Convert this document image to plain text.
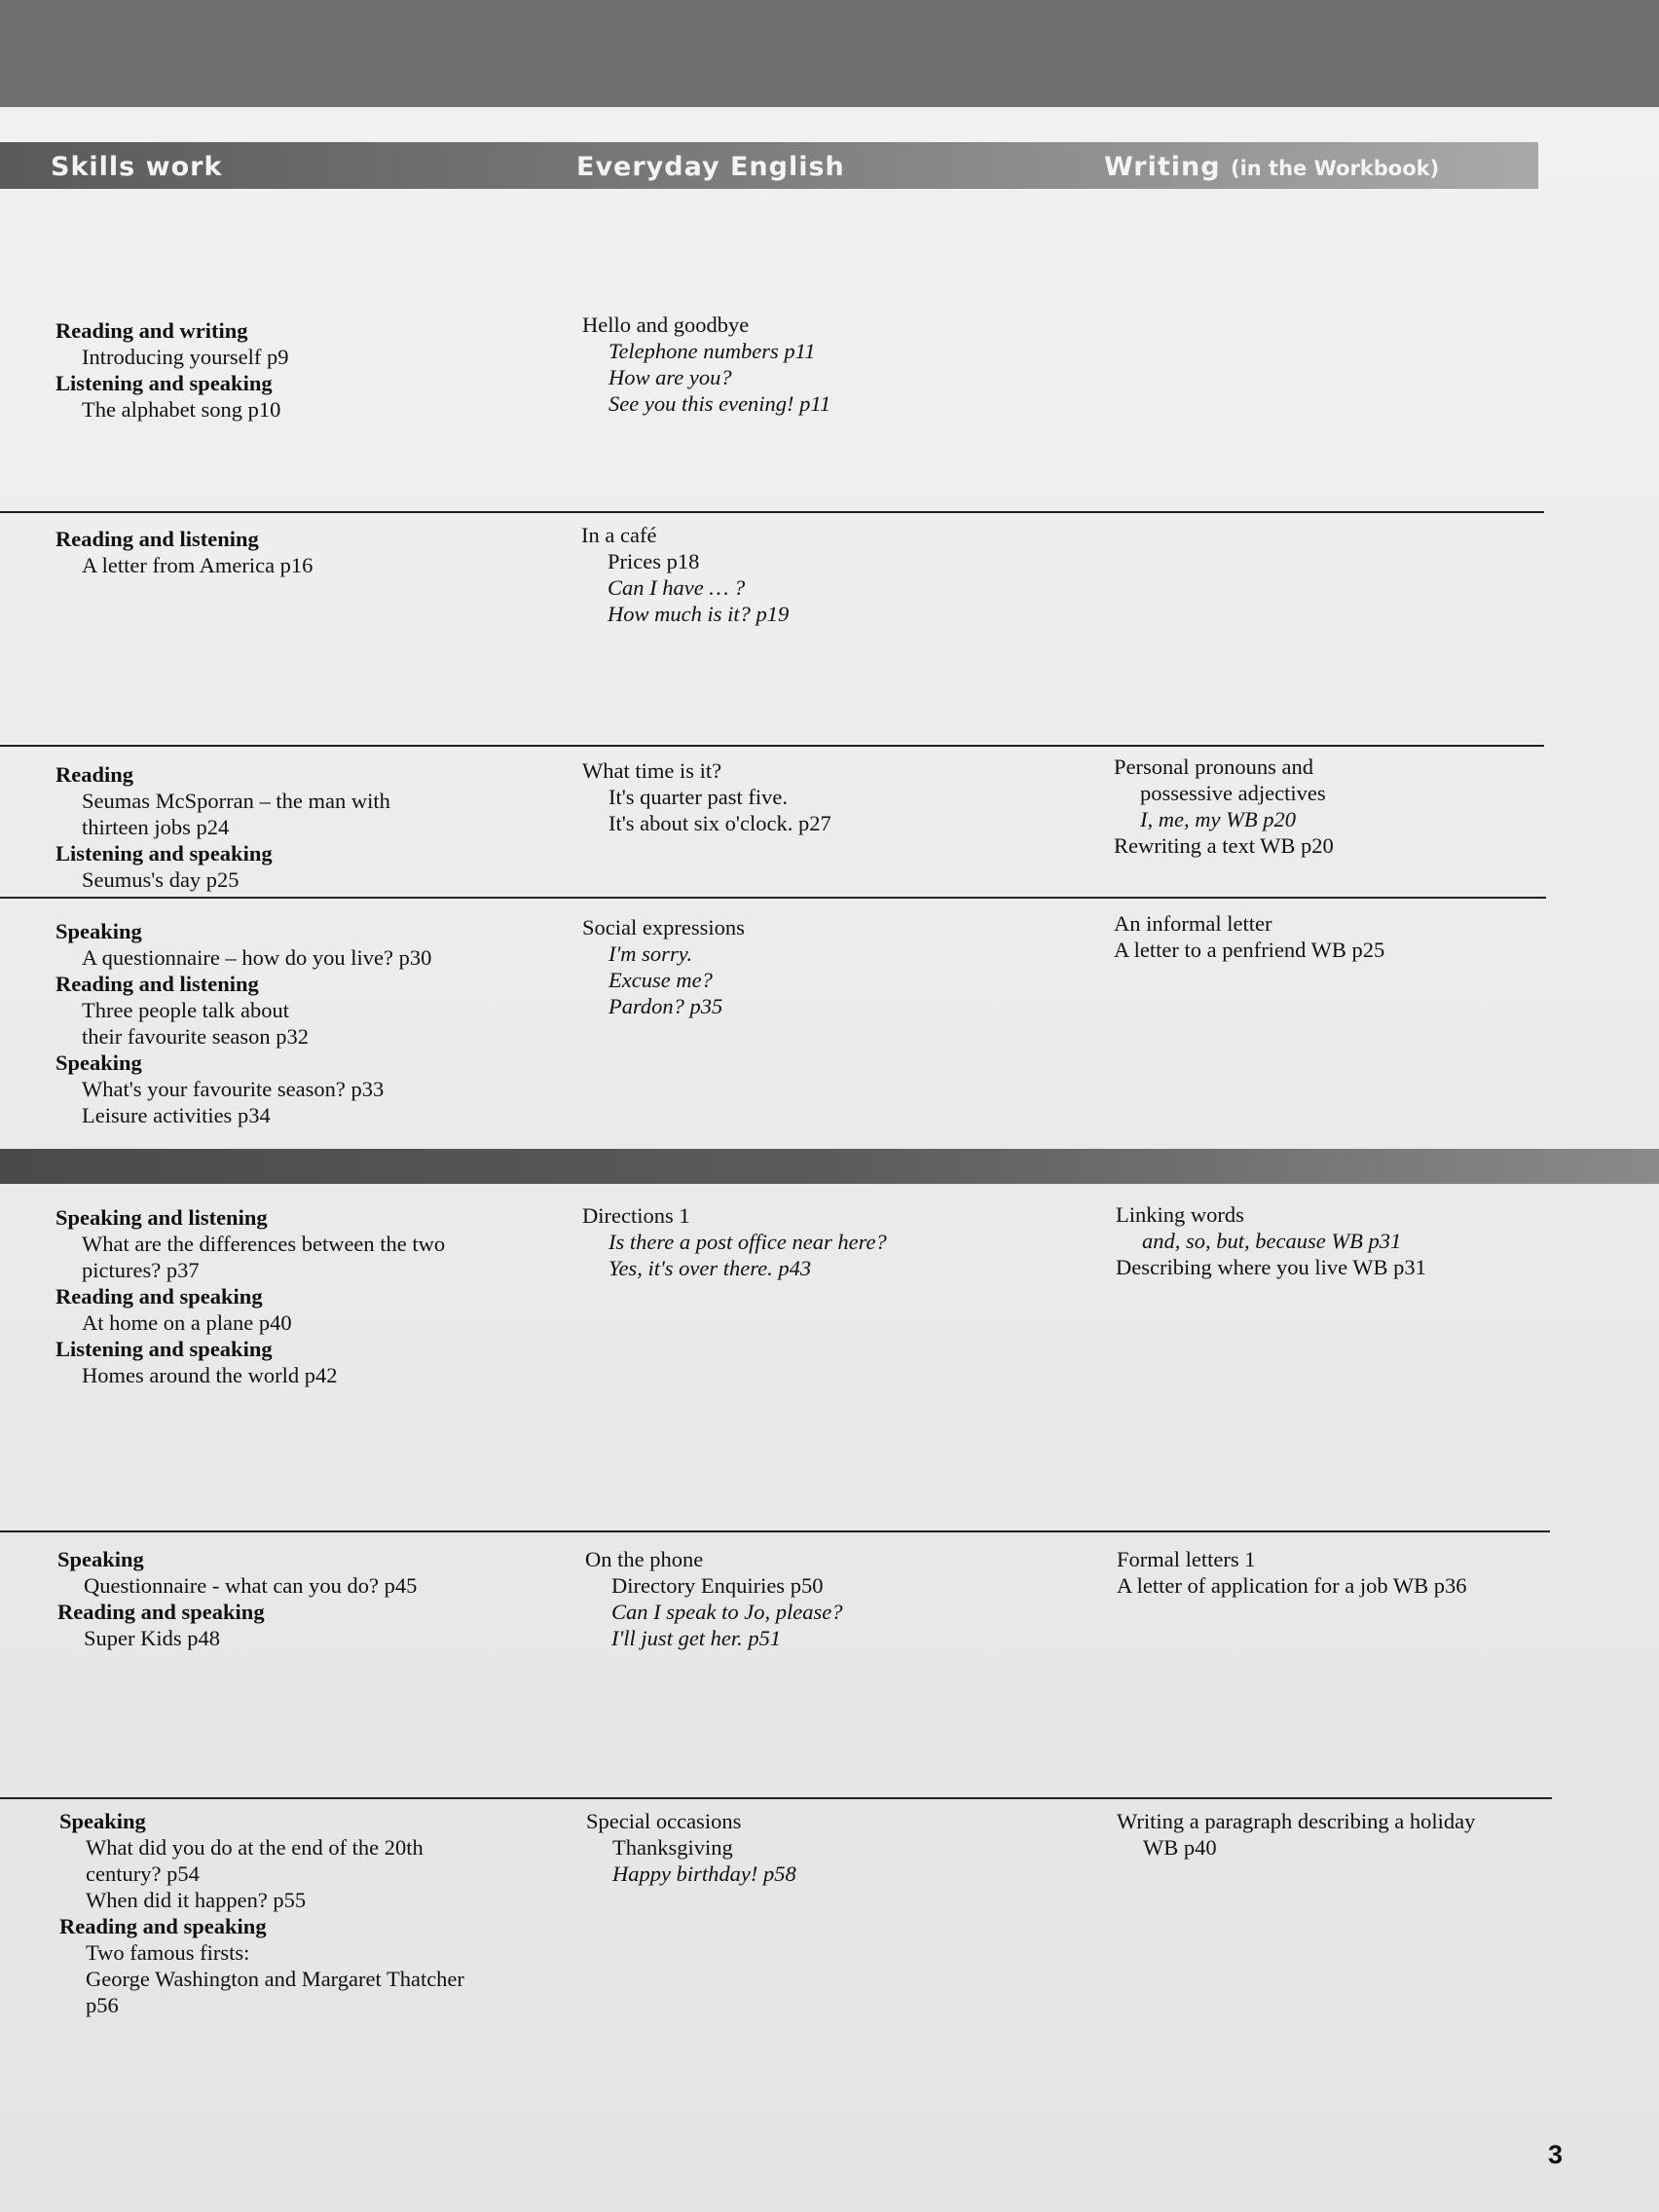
Skills work	Everyday English	Writing (in the Workbook)
Reading and writing
Introducing yourself p9
Listening and speaking
The alphabet song p10
Hello and goodbye
Telephone numbers p11
How are you?
See you this evening! p11
Reading and listening
A letter from America p16
In a café
Prices p18
Can I have … ?
How much is it? p19
Reading
Seumas McSporran – the man with
thirteen jobs p24
Listening and speaking
Seumus's day p25
What time is it?
It's quarter past five.
It's about six o'clock. p27
Personal pronouns and
possessive adjectives
I, me, my WB p20
Rewriting a text WB p20
Speaking
A questionnaire – how do you live? p30
Reading and listening
Three people talk about
their favourite season p32
Speaking
What's your favourite season? p33
Leisure activities p34
Social expressions
I'm sorry.
Excuse me?
Pardon? p35
An informal letter
A letter to a penfriend WB p25
Speaking and listening
What are the differences between the two
pictures? p37
Reading and speaking
At home on a plane p40
Listening and speaking
Homes around the world p42
Directions 1
Is there a post office near here?
Yes, it's over there. p43
Linking words
and, so, but, because WB p31
Describing where you live WB p31
Speaking
Questionnaire - what can you do? p45
Reading and speaking
Super Kids p48
On the phone
Directory Enquiries p50
Can I speak to Jo, please?
I'll just get her. p51
Formal letters 1
A letter of application for a job WB p36
Speaking
What did you do at the end of the 20th
century? p54
When did it happen? p55
Reading and speaking
Two famous firsts:
George Washington and Margaret Thatcher
p56
Special occasions
Thanksgiving
Happy birthday! p58
Writing a paragraph describing a holiday
WB p40
3
